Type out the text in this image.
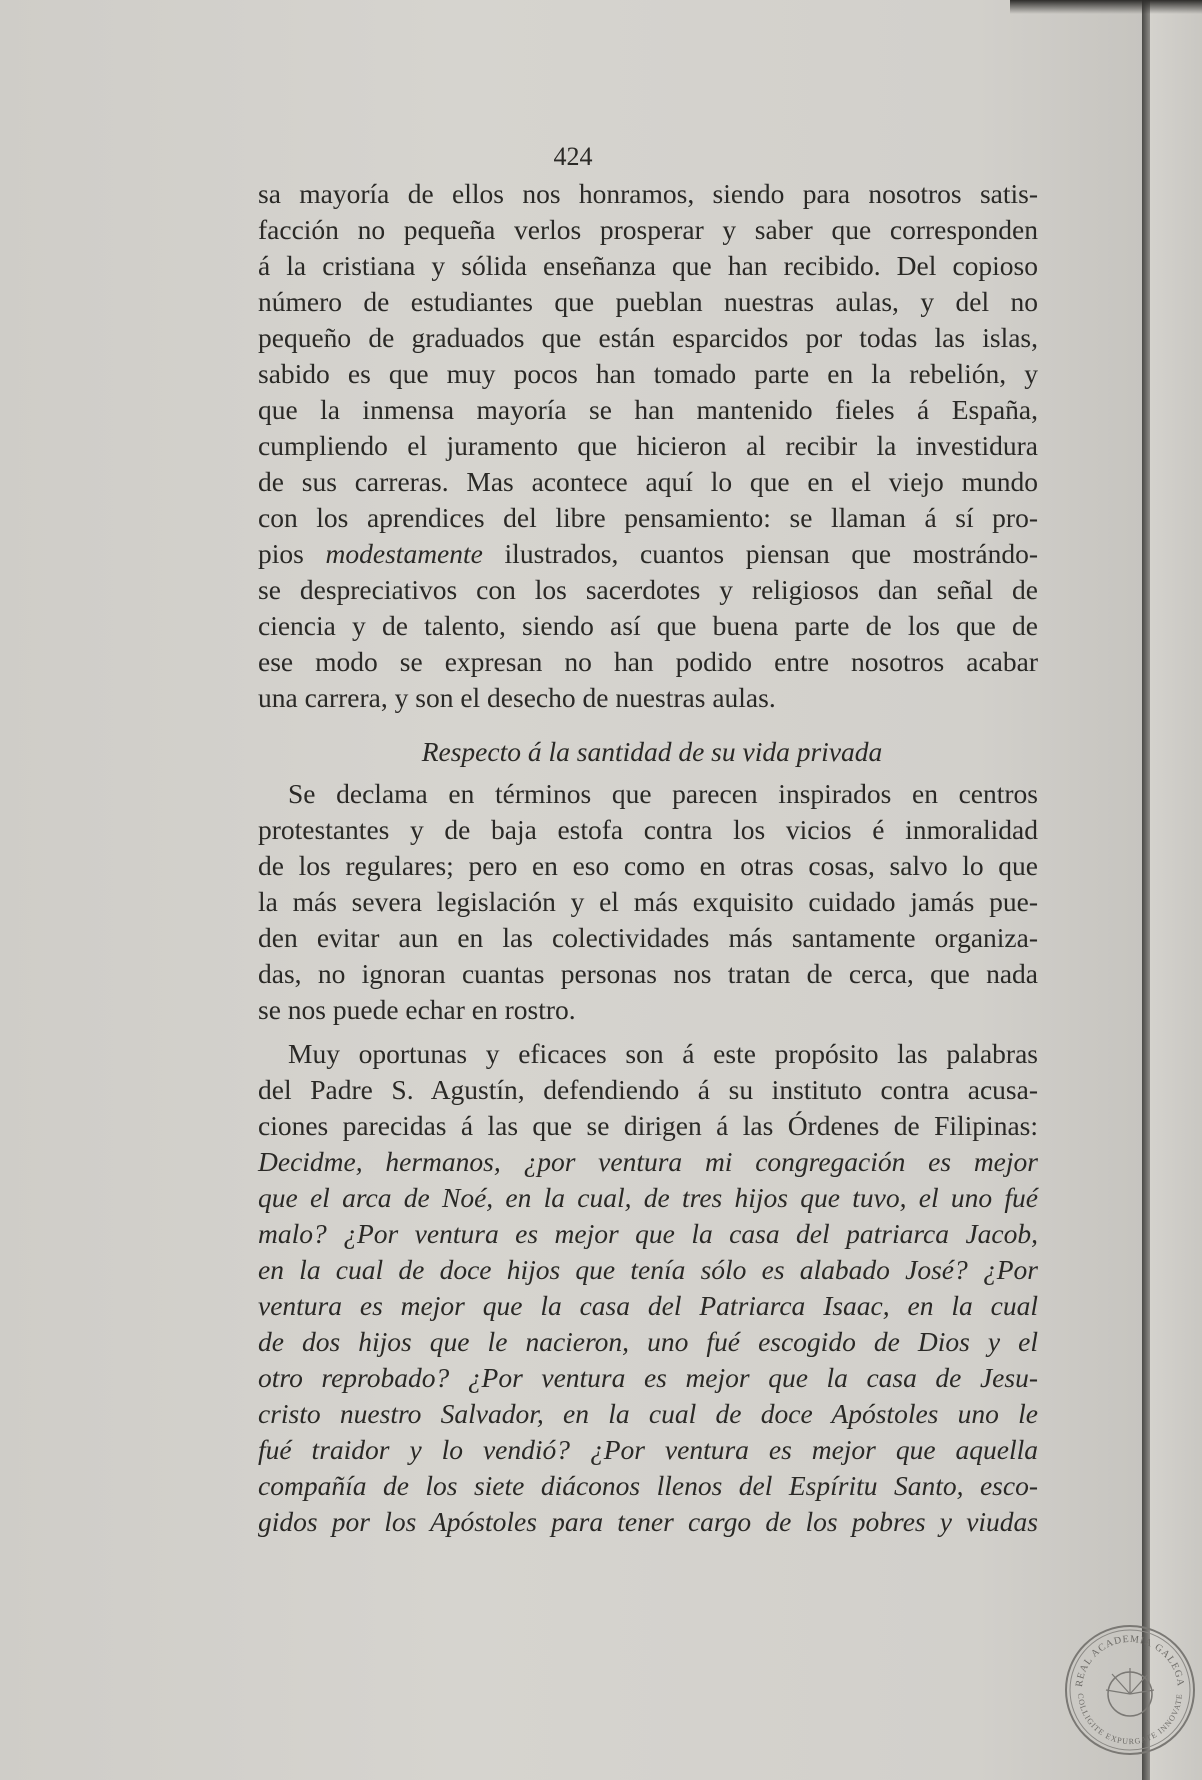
424
sa mayoría de ellos nos honramos, siendo para nosotros satis-
facción no pequeña verlos prosperar y saber que corresponden
á la cristiana y sólida enseñanza que han recibido. Del copioso
número de estudiantes que pueblan nuestras aulas, y del no
pequeño de graduados que están esparcidos por todas las islas,
sabido es que muy pocos han tomado parte en la rebelión, y
que la inmensa mayoría se han mantenido fieles á España,
cumpliendo el juramento que hicieron al recibir la investidura
de sus carreras. Mas acontece aquí lo que en el viejo mundo
con los aprendices del libre pensamiento: se llaman á sí pro-
pios modestamente ilustrados, cuantos piensan que mostrándo-
se despreciativos con los sacerdotes y religiosos dan señal de
ciencia y de talento, siendo así que buena parte de los que de
ese modo se expresan no han podido entre nosotros acabar
una carrera, y son el desecho de nuestras aulas.
Respecto á la santidad de su vida privada
Se declama en términos que parecen inspirados en centros
protestantes y de baja estofa contra los vicios é inmoralidad
de los regulares; pero en eso como en otras cosas, salvo lo que
la más severa legislación y el más exquisito cuidado jamás pue-
den evitar aun en las colectividades más santamente organiza-
das, no ignoran cuantas personas nos tratan de cerca, que nada
se nos puede echar en rostro.
Muy oportunas y eficaces son á este propósito las palabras
del Padre S. Agustín, defendiendo á su instituto contra acusa-
ciones parecidas á las que se dirigen á las Órdenes de Filipinas:
Decidme, hermanos, ¿por ventura mi congregación es mejor
que el arca de Noé, en la cual, de tres hijos que tuvo, el uno fué
malo? ¿Por ventura es mejor que la casa del patriarca Jacob,
en la cual de doce hijos que tenía sólo es alabado José? ¿Por
ventura es mejor que la casa del Patriarca Isaac, en la cual
de dos hijos que le nacieron, uno fué escogido de Dios y el
otro reprobado? ¿Por ventura es mejor que la casa de Jesu-
cristo nuestro Salvador, en la cual de doce Apóstoles uno le
fué traidor y lo vendió? ¿Por ventura es mejor que aquella
compañía de los siete diáconos llenos del Espíritu Santo, esco-
gidos por los Apóstoles para tener cargo de los pobres y viudas
REAL ACADEMIA GALEGA
COLLIGITE EXPURGATE INNOVATE
